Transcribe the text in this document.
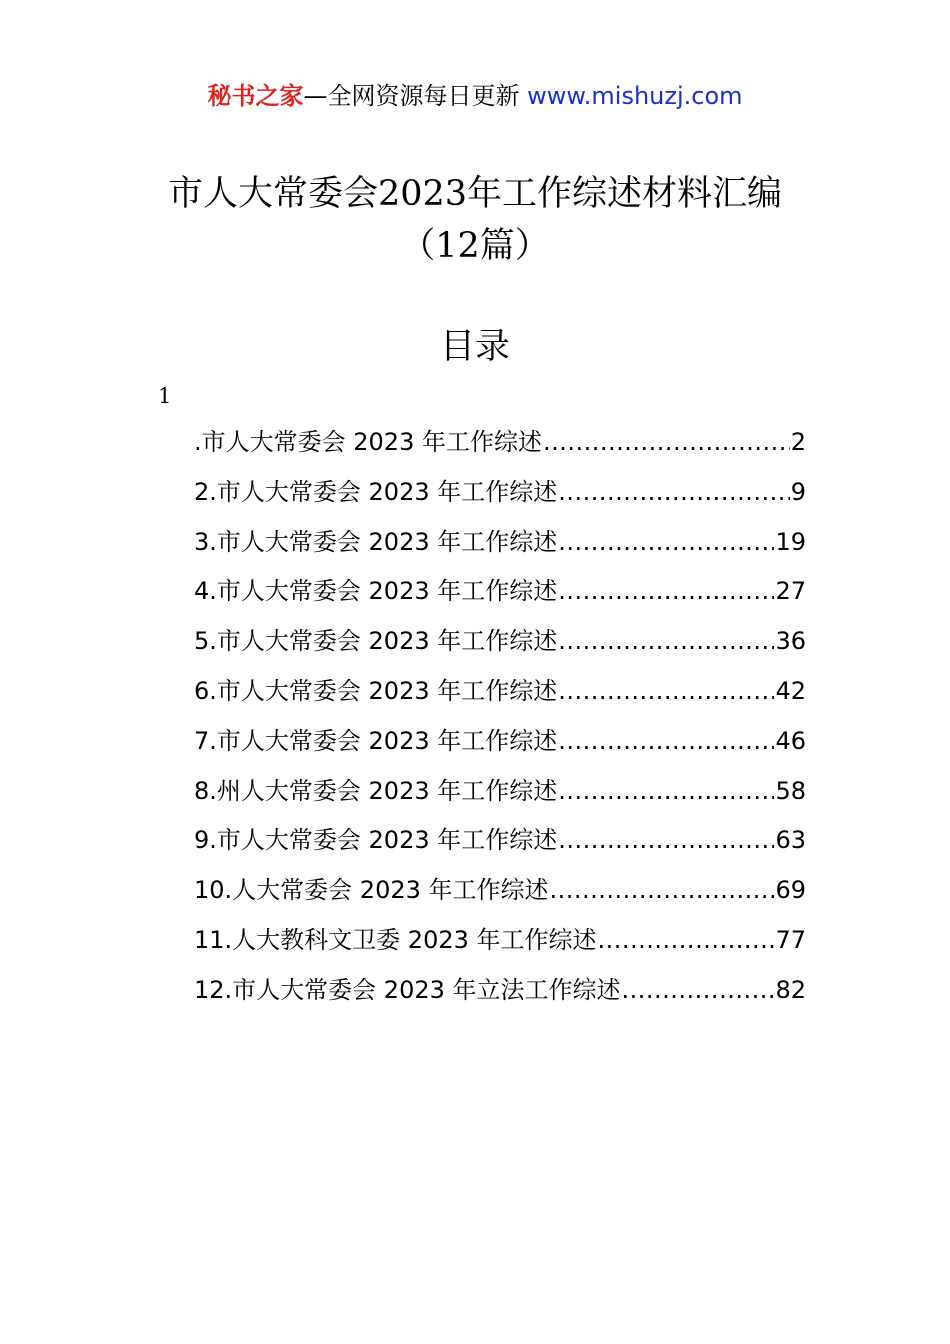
秘书之家—全网资源每日更新 www.mishuzj.com
市人大常委会2023年工作综述材料汇编
（12篇）
目录
1
.市人大常委会 2023 年工作综述 .....	2
2.市人大常委会 2023 年工作综述 .....	9
3.市人大常委会 2023 年工作综述 .....	19
4.市人大常委会 2023 年工作综述 .....	27
5.市人大常委会 2023 年工作综述 .....	36
6.市人大常委会 2023 年工作综述 .....	42
7.市人大常委会 2023 年工作综述 .....	46
8.州人大常委会 2023 年工作综述 .....	58
9.市人大常委会 2023 年工作综述 .....	63
10.人大常委会 2023 年工作综述 .....	69
11.人大教科文卫委 2023 年工作综述 .....	77
12.市人大常委会 2023 年立法工作综述 .....	82
